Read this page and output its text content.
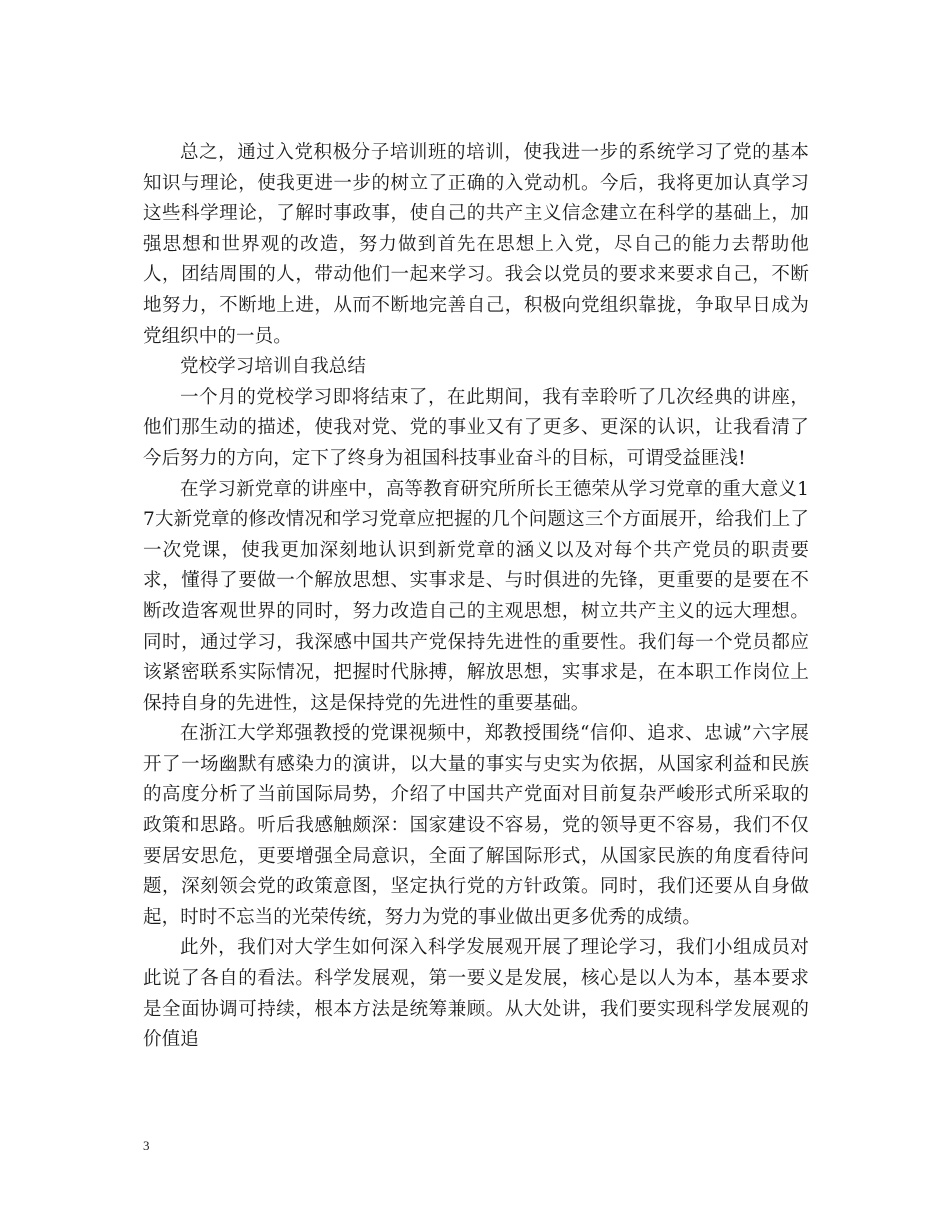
总之，通过入党积极分子培训班的培训，使我进一步的系统学习了党的基本知识与理论，使我更进一步的树立了正确的入党动机。今后，我将更加认真学习这些科学理论，了解时事政事，使自己的共产主义信念建立在科学的基础上，加强思想和世界观的改造，努力做到首先在思想上入党，尽自己的能力去帮助他人，团结周围的人，带动他们一起来学习。我会以党员的要求来要求自己，不断地努力，不断地上进，从而不断地完善自己，积极向党组织靠拢，争取早日成为党组织中的一员。

党校学习培训自我总结

一个月的党校学习即将结束了，在此期间，我有幸聆听了几次经典的讲座，他们那生动的描述，使我对党、党的事业又有了更多、更深的认识，让我看清了今后努力的方向，定下了终身为祖国科技事业奋斗的目标，可谓受益匪浅!

在学习新党章的讲座中，高等教育研究所所长王德荣从学习党章的重大意义17大新党章的修改情况和学习党章应把握的几个问题这三个方面展开，给我们上了一次党课，使我更加深刻地认识到新党章的涵义以及对每个共产党员的职责要求，懂得了要做一个解放思想、实事求是、与时俱进的先锋，更重要的是要在不断改造客观世界的同时，努力改造自己的主观思想，树立共产主义的远大理想。同时，通过学习，我深感中国共产党保持先进性的重要性。我们每一个党员都应该紧密联系实际情况，把握时代脉搏，解放思想，实事求是，在本职工作岗位上保持自身的先进性，这是保持党的先进性的重要基础。

在浙江大学郑强教授的党课视频中，郑教授围绕“信仰、追求、忠诚”六字展开了一场幽默有感染力的演讲，以大量的事实与史实为依据，从国家利益和民族的高度分析了当前国际局势，介绍了中国共产党面对目前复杂严峻形式所采取的政策和思路。听后我感触颇深：国家建设不容易，党的领导更不容易，我们不仅要居安思危，更要增强全局意识，全面了解国际形式，从国家民族的角度看待问题，深刻领会党的政策意图，坚定执行党的方针政策。同时，我们还要从自身做起，时时不忘当的光荣传统，努力为党的事业做出更多优秀的成绩。

此外，我们对大学生如何深入科学发展观开展了理论学习，我们小组成员对此说了各自的看法。科学发展观，第一要义是发展，核心是以人为本，基本要求是全面协调可持续，根本方法是统筹兼顾。从大处讲，我们要实现科学发展观的价值追

3
